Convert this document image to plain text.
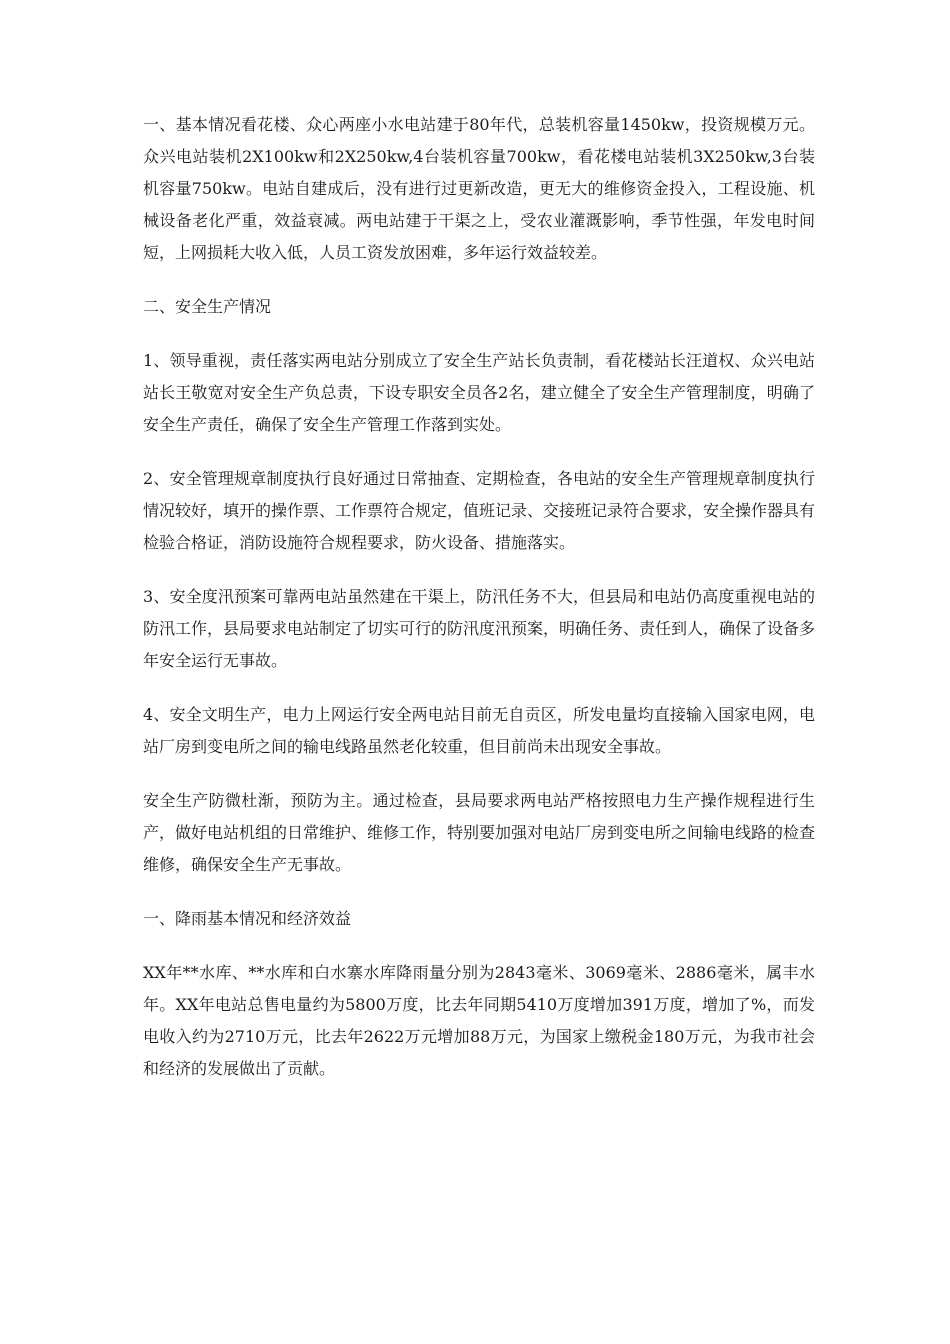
一、基本情况看花楼、众心两座小水电站建于80年代，总装机容量1450kw，投资规模万元。众兴电站装机2X100kw和2X250kw,4台装机容量700kw，看花楼电站装机3X250kw,3台装机容量750kw。电站自建成后，没有进行过更新改造，更无大的维修资金投入，工程设施、机械设备老化严重，效益衰减。两电站建于干渠之上，受农业灌溉影响，季节性强，年发电时间短，上网损耗大收入低，人员工资发放困难，多年运行效益较差。

二、安全生产情况

1、领导重视，责任落实两电站分别成立了安全生产站长负责制，看花楼站长汪道权、众兴电站站长王敬宽对安全生产负总责，下设专职安全员各2名，建立健全了安全生产管理制度，明确了安全生产责任，确保了安全生产管理工作落到实处。

2、安全管理规章制度执行良好通过日常抽查、定期检查，各电站的安全生产管理规章制度执行情况较好，填开的操作票、工作票符合规定，值班记录、交接班记录符合要求，安全操作器具有检验合格证，消防设施符合规程要求，防火设备、措施落实。

3、安全度汛预案可靠两电站虽然建在干渠上，防汛任务不大，但县局和电站仍高度重视电站的防汛工作，县局要求电站制定了切实可行的防汛度汛预案，明确任务、责任到人，确保了设备多年安全运行无事故。

4、安全文明生产，电力上网运行安全两电站目前无自贡区，所发电量均直接输入国家电网，电站厂房到变电所之间的输电线路虽然老化较重，但目前尚未出现安全事故。

安全生产防微杜渐，预防为主。通过检查，县局要求两电站严格按照电力生产操作规程进行生产，做好电站机组的日常维护、维修工作，特别要加强对电站厂房到变电所之间输电线路的检查维修，确保安全生产无事故。

一、降雨基本情况和经济效益

XX年**水库、**水库和白水寨水库降雨量分别为2843毫米、3069毫米、2886毫米，属丰水年。XX年电站总售电量约为5800万度，比去年同期5410万度增加391万度，增加了%，而发电收入约为2710万元，比去年2622万元增加88万元，为国家上缴税金180万元，为我市社会和经济的发展做出了贡献。
